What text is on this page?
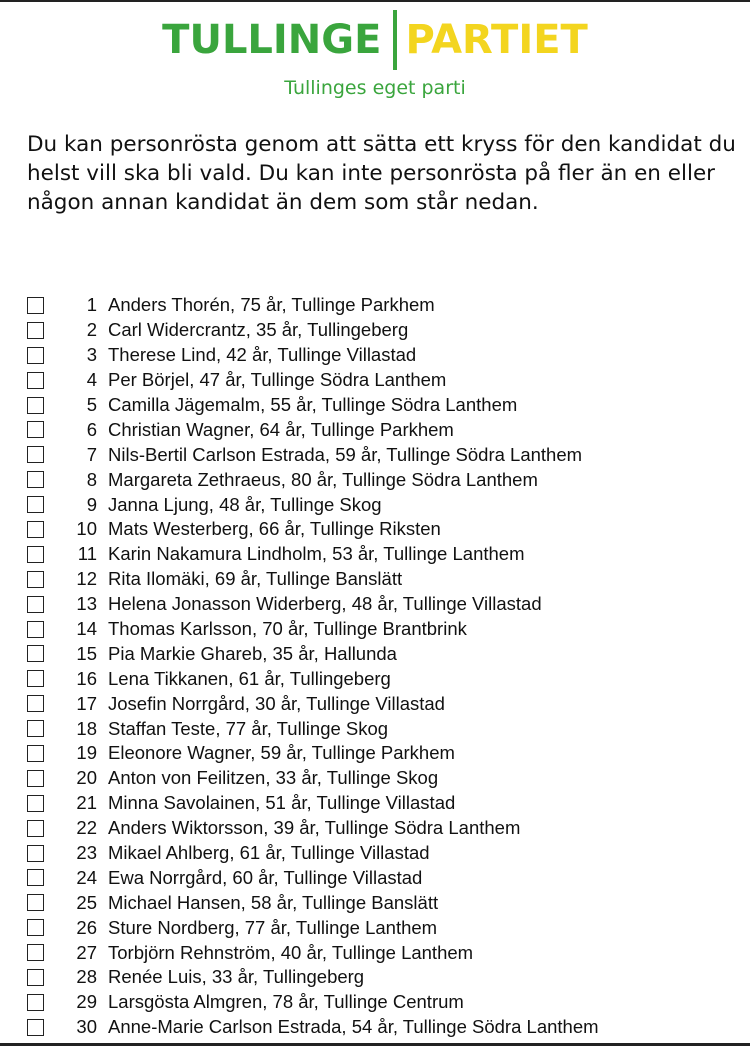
TULLINGE PARTIET
Tullinges eget parti

Du kan personrösta genom att sätta ett kryss för den kandidat du helst vill ska bli vald. Du kan inte personrösta på fler än en eller någon annan kandidat än dem som står nedan.

1 Anders Thorén, 75 år, Tullinge Parkhem
2 Carl Widercrantz, 35 år, Tullingeberg
3 Therese Lind, 42 år, Tullinge Villastad
4 Per Börjel, 47 år, Tullinge Södra Lanthem
5 Camilla Jägemalm, 55 år, Tullinge Södra Lanthem
6 Christian Wagner, 64 år, Tullinge Parkhem
7 Nils-Bertil Carlson Estrada, 59 år, Tullinge Södra Lanthem
8 Margareta Zethraeus, 80 år, Tullinge Södra Lanthem
9 Janna Ljung, 48 år, Tullinge Skog
10 Mats Westerberg, 66 år, Tullinge Riksten
11 Karin Nakamura Lindholm, 53 år, Tullinge Lanthem
12 Rita Ilomäki, 69 år, Tullinge Banslätt
13 Helena Jonasson Widerberg, 48 år, Tullinge Villastad
14 Thomas Karlsson, 70 år, Tullinge Brantbrink
15 Pia Markie Ghareb, 35 år, Hallunda
16 Lena Tikkanen, 61 år, Tullingeberg
17 Josefin Norrgård, 30 år, Tullinge Villastad
18 Staffan Teste, 77 år, Tullinge Skog
19 Eleonore Wagner, 59 år, Tullinge Parkhem
20 Anton von Feilitzen, 33 år, Tullinge Skog
21 Minna Savolainen, 51 år, Tullinge Villastad
22 Anders Wiktorsson, 39 år, Tullinge Södra Lanthem
23 Mikael Ahlberg, 61 år, Tullinge Villastad
24 Ewa Norrgård, 60 år, Tullinge Villastad
25 Michael Hansen, 58 år, Tullinge Banslätt
26 Sture Nordberg, 77 år, Tullinge Lanthem
27 Torbjörn Rehnström, 40 år, Tullinge Lanthem
28 Renée Luis, 33 år, Tullingeberg
29 Larsgösta Almgren, 78 år, Tullinge Centrum
30 Anne-Marie Carlson Estrada, 54 år, Tullinge Södra Lanthem
